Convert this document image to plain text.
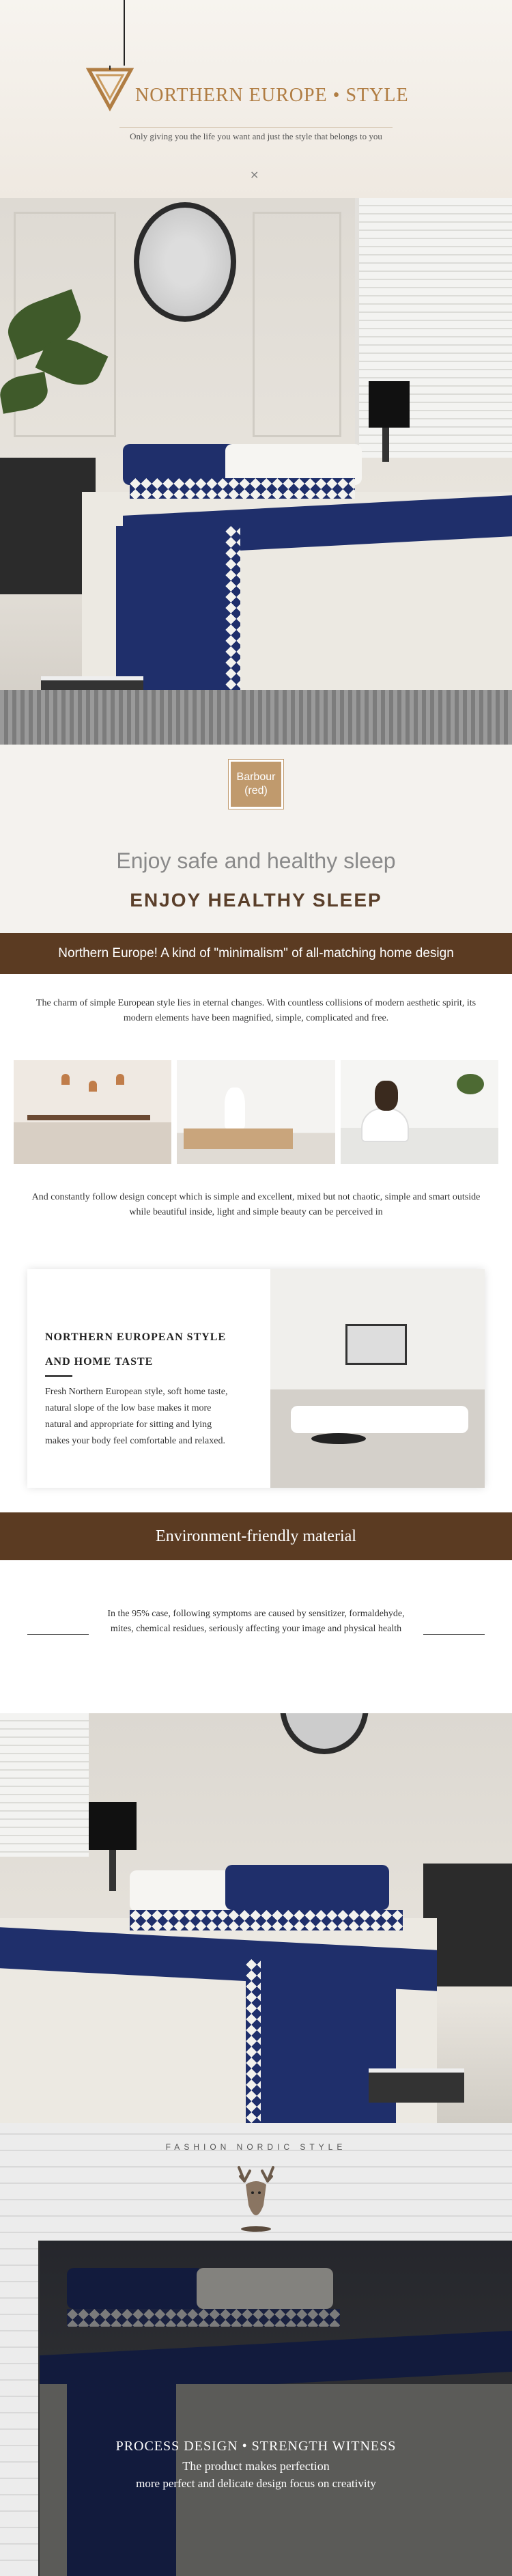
NORTHERN EUROPE • STYLE
Only giving you the life you want and just the style that belongs to you
×
Barbour
(red)
Enjoy safe and healthy sleep
ENJOY HEALTHY SLEEP
Northern Europe! A kind of "minimalism" of all-matching home design

The charm of simple European style lies in eternal changes. With countless collisions of modern aesthetic spirit, its modern elements have been magnified, simple, complicated and free.

And constantly follow design concept which is simple and excellent, mixed but not chaotic, simple and smart outside while beautiful inside, light and simple beauty can be perceived in

NORTHERN EUROPEAN STYLE
AND HOME TASTE

Fresh Northern European style, soft home taste, natural slope of the low base makes it more natural and appropriate for sitting and lying makes your body feel comfortable and relaxed.

Environment-friendly material

In the 95% case, following symptoms are caused by sensitizer, formaldehyde, mites, chemical residues, seriously affecting your image and physical health

FASHION NORDIC STYLE
PROCESS DESIGN • STRENGTH WITNESS
The product makes perfection
more perfect and delicate design focus on creativity
